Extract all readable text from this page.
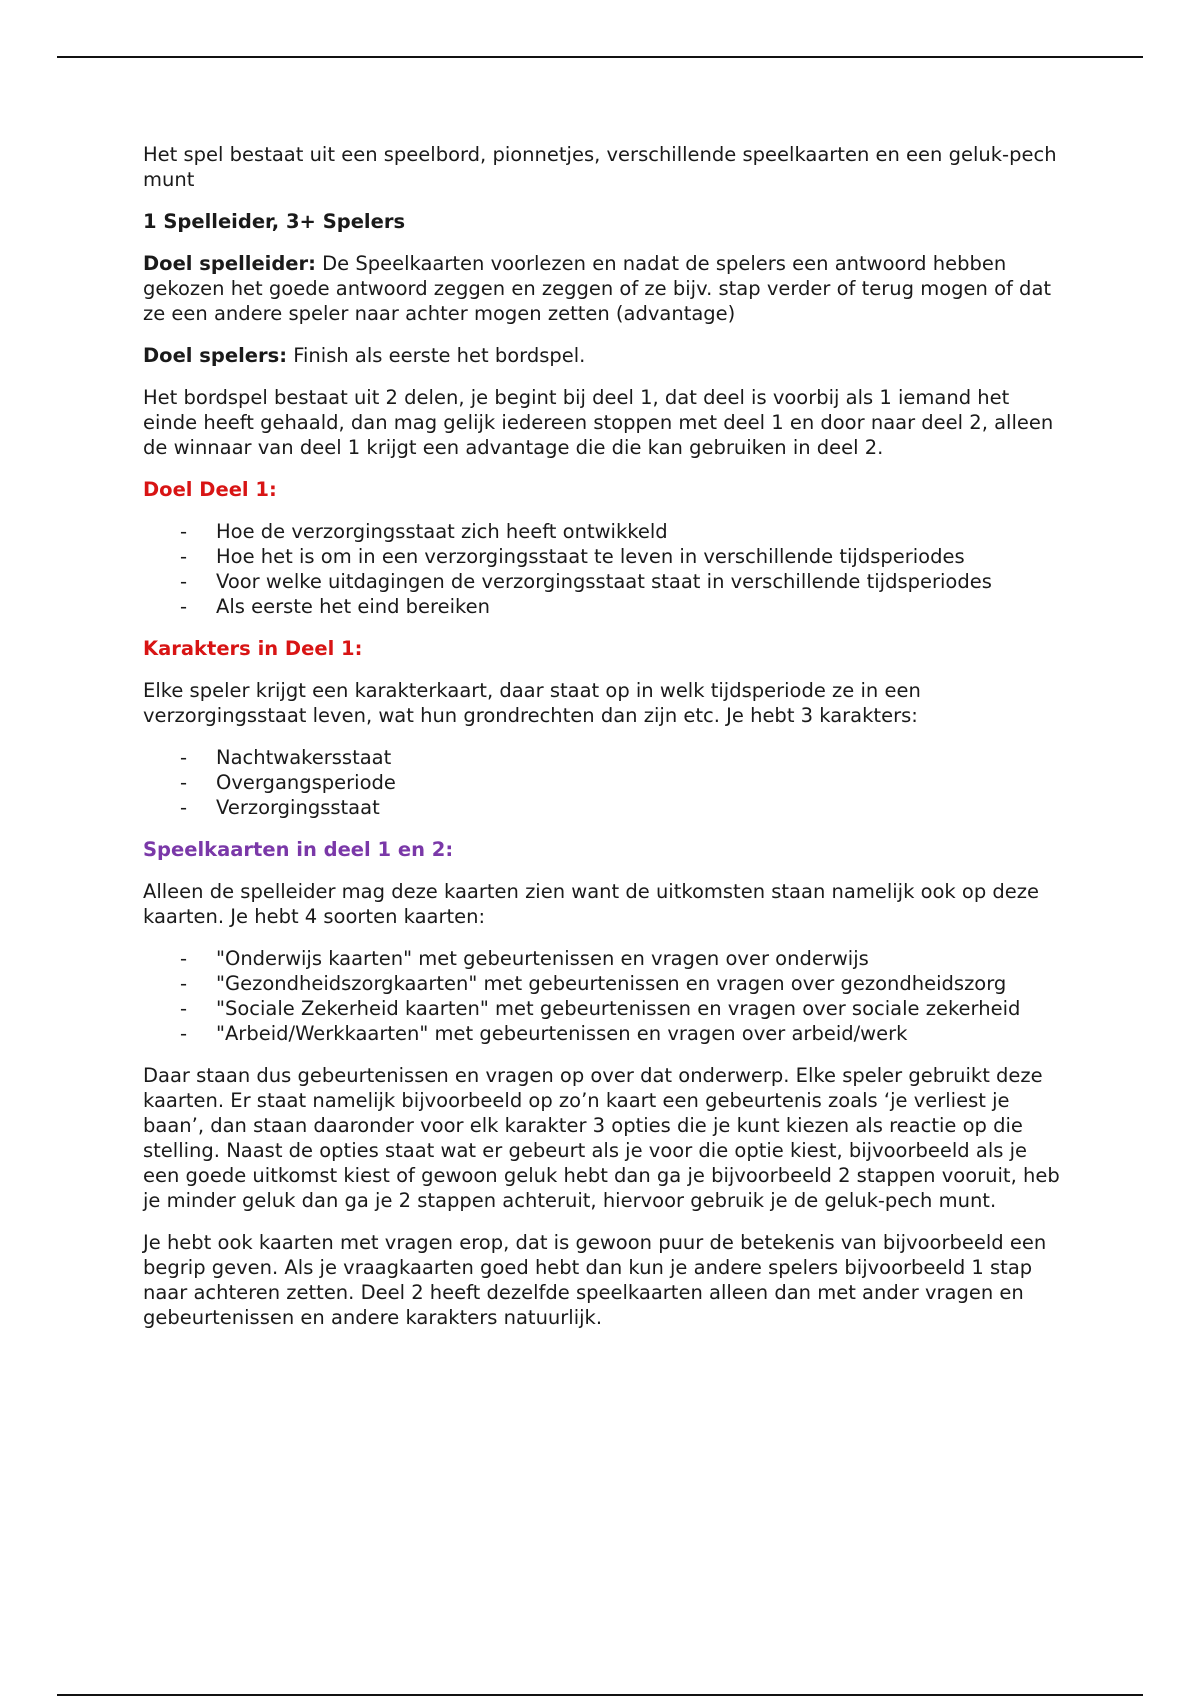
Het spel bestaat uit een speelbord, pionnetjes, verschillende speelkaarten en een geluk-pech munt

1 Spelleider, 3+ Spelers

Doel spelleider: De Speelkaarten voorlezen en nadat de spelers een antwoord hebben gekozen het goede antwoord zeggen en zeggen of ze bijv. stap verder of terug mogen of dat ze een andere speler naar achter mogen zetten (advantage)

Doel spelers: Finish als eerste het bordspel.

Het bordspel bestaat uit 2 delen, je begint bij deel 1, dat deel is voorbij als 1 iemand het einde heeft gehaald, dan mag gelijk iedereen stoppen met deel 1 en door naar deel 2, alleen de winnaar van deel 1 krijgt een advantage die die kan gebruiken in deel 2.

Doel Deel 1:
- Hoe de verzorgingsstaat zich heeft ontwikkeld
- Hoe het is om in een verzorgingsstaat te leven in verschillende tijdsperiodes
- Voor welke uitdagingen de verzorgingsstaat staat in verschillende tijdsperiodes
- Als eerste het eind bereiken
Karakters in Deel 1:

Elke speler krijgt een karakterkaart, daar staat op in welk tijdsperiode ze in een verzorgingsstaat leven, wat hun grondrechten dan zijn etc. Je hebt 3 karakters:

- Nachtwakersstaat
- Overgangsperiode
- Verzorgingsstaat
Speelkaarten in deel 1 en 2:

Alleen de spelleider mag deze kaarten zien want de uitkomsten staan namelijk ook op deze kaarten. Je hebt 4 soorten kaarten:

- "Onderwijs kaarten" met gebeurtenissen en vragen over onderwijs
- "Gezondheidszorgkaarten" met gebeurtenissen en vragen over gezondheidszorg
- "Sociale Zekerheid kaarten" met gebeurtenissen en vragen over sociale zekerheid
- "Arbeid/Werkkaarten" met gebeurtenissen en vragen over arbeid/werk

Daar staan dus gebeurtenissen en vragen op over dat onderwerp. Elke speler gebruikt deze kaarten. Er staat namelijk bijvoorbeeld op zo’n kaart een gebeurtenis zoals ‘je verliest je baan’, dan staan daaronder voor elk karakter 3 opties die je kunt kiezen als reactie op die stelling. Naast de opties staat wat er gebeurt als je voor die optie kiest, bijvoorbeeld als je een goede uitkomst kiest of gewoon geluk hebt dan ga je bijvoorbeeld 2 stappen vooruit, heb je minder geluk dan ga je 2 stappen achteruit, hiervoor gebruik je de geluk-pech munt.

Je hebt ook kaarten met vragen erop, dat is gewoon puur de betekenis van bijvoorbeeld een begrip geven. Als je vraagkaarten goed hebt dan kun je andere spelers bijvoorbeeld 1 stap naar achteren zetten. Deel 2 heeft dezelfde speelkaarten alleen dan met ander vragen en gebeurtenissen en andere karakters natuurlijk.
